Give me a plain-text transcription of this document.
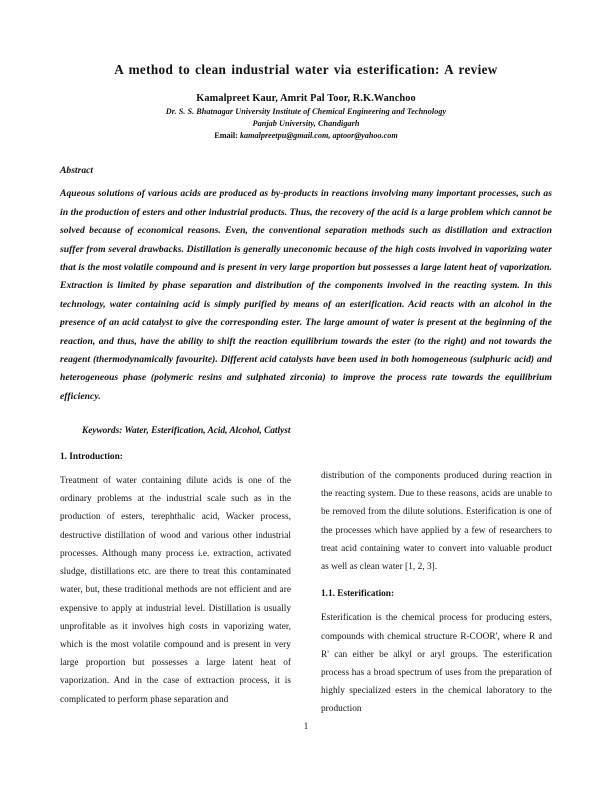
A method to clean industrial water via esterification: A review
Kamalpreet Kaur, Amrit Pal Toor, R.K.Wanchoo
Dr. S. S. Bhatnagar University Institute of Chemical Engineering and Technology
Panjab University, Chandigarh
Email: kamalpreetpu@gmail.com, aptoor@yahoo.com
Abstract

Aqueous solutions of various acids are produced as by-products in reactions involving many important processes, such as in the production of esters and other industrial products. Thus, the recovery of the acid is a large problem which cannot be solved because of economical reasons. Even, the conventional separation methods such as distillation and extraction suffer from several drawbacks. Distillation is generally uneconomic because of the high costs involved in vaporizing water that is the most volatile compound and is present in very large proportion but possesses a large latent heat of vaporization. Extraction is limited by phase separation and distribution of the components involved in the reacting system. In this technology, water containing acid is simply purified by means of an esterification. Acid reacts with an alcohol in the presence of an acid catalyst to give the corresponding ester. The large amount of water is present at the beginning of the reaction, and thus, have the ability to shift the reaction equilibrium towards the ester (to the right) and not towards the reagent (thermodynamically favourite). Different acid catalysts have been used in both homogeneous (sulphuric acid) and heterogeneous phase (polymeric resins and sulphated zirconia) to improve the process rate towards the equilibrium efficiency.

Keywords: Water, Esterification, Acid, Alcohol, Catlyst

1. Introduction:

Treatment of water containing dilute acids is one of the ordinary problems at the industrial scale such as in the production of esters, terephthalic acid, Wacker process, destructive distillation of wood and various other industrial processes. Although many process i.e. extraction, activated sludge, distillations etc. are there to treat this contaminated water, but, these traditional methods are not efficient and are expensive to apply at industrial level. Distillation is usually unprofitable as it involves high costs in vaporizing water, which is the most volatile compound and is present in very large proportion but possesses a large latent heat of vaporization. And in the case of extraction process, it is complicated to perform phase separation and

distribution of the components produced during reaction in the reacting system. Due to these reasons, acids are unable to be removed from the dilute solutions. Esterification is one of the processes which have applied by a few of researchers to treat acid containing water to convert into valuable product as well as clean water [1, 2, 3].

1.1. Esterification:

Esterification is the chemical process for producing esters, compounds with chemical structure R-COOR', where R and R' can either be alkyl or aryl groups. The esterification process has a broad spectrum of uses from the preparation of highly specialized esters in the chemical laboratory to the production

1
